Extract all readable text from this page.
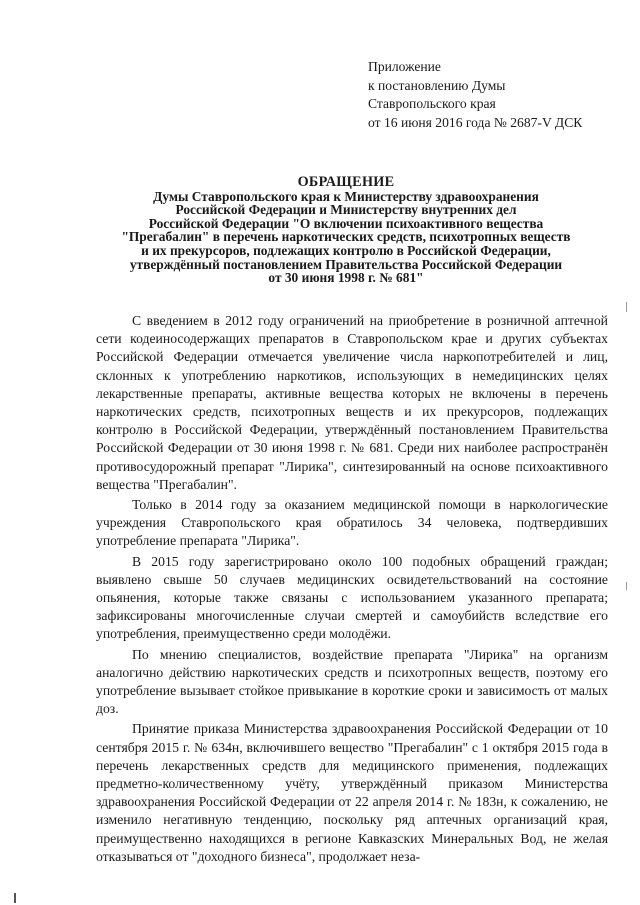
Приложение
к постановлению Думы
Ставропольского края
от 16 июня 2016 года № 2687-V ДСК
ОБРАЩЕНИЕ
Думы Ставропольского края к Министерству здравоохранения
Российской Федерации и Министерству внутренних дел
Российской Федерации "О включении психоактивного вещества
"Прегабалин" в перечень наркотических средств, психотропных веществ
и их прекурсоров, подлежащих контролю в Российской Федерации,
утверждённый постановлением Правительства Российской Федерации
от 30 июня 1998 г. № 681"

С введением в 2012 году ограничений на приобретение в розничной аптечной сети кодеиносодержащих препаратов в Ставропольском крае и других субъектах Российской Федерации отмечается увеличение числа наркопотребителей и лиц, склонных к употреблению наркотиков, использующих в немедицинских целях лекарственные препараты, активные вещества которых не включены в перечень наркотических средств, психотропных веществ и их прекурсоров, подлежащих контролю в Российской Федерации, утверждённый постановлением Правительства Российской Федерации от 30 июня 1998 г. № 681. Среди них наиболее распространён противосудорожный препарат "Лирика", синтезированный на основе психоактивного вещества "Прегабалин".

Только в 2014 году за оказанием медицинской помощи в наркологические учреждения Ставропольского края обратилось 34 человека, подтвердивших употребление препарата "Лирика".

В 2015 году зарегистрировано около 100 подобных обращений граждан; выявлено свыше 50 случаев медицинских освидетельствований на состояние опьянения, которые также связаны с использованием указанного препарата; зафиксированы многочисленные случаи смертей и самоубийств вследствие его употребления, преимущественно среди молодёжи.

По мнению специалистов, воздействие препарата "Лирика" на организм аналогично действию наркотических средств и психотропных веществ, поэтому его употребление вызывает стойкое привыкание в короткие сроки и зависимость от малых доз.

Принятие приказа Министерства здравоохранения Российской Федерации от 10 сентября 2015 г. № 634н, включившего вещество "Прегабалин" с 1 октября 2015 года в перечень лекарственных средств для медицинского применения, подлежащих предметно-количественному учёту, утверждённый приказом Министерства здравоохранения Российской Федерации от 22 апреля 2014 г. № 183н, к сожалению, не изменило негативную тенденцию, поскольку ряд аптечных организаций края, преимущественно находящихся в регионе Кавказских Минеральных Вод, не желая отказываться от "доходного бизнеса", продолжает неза-
